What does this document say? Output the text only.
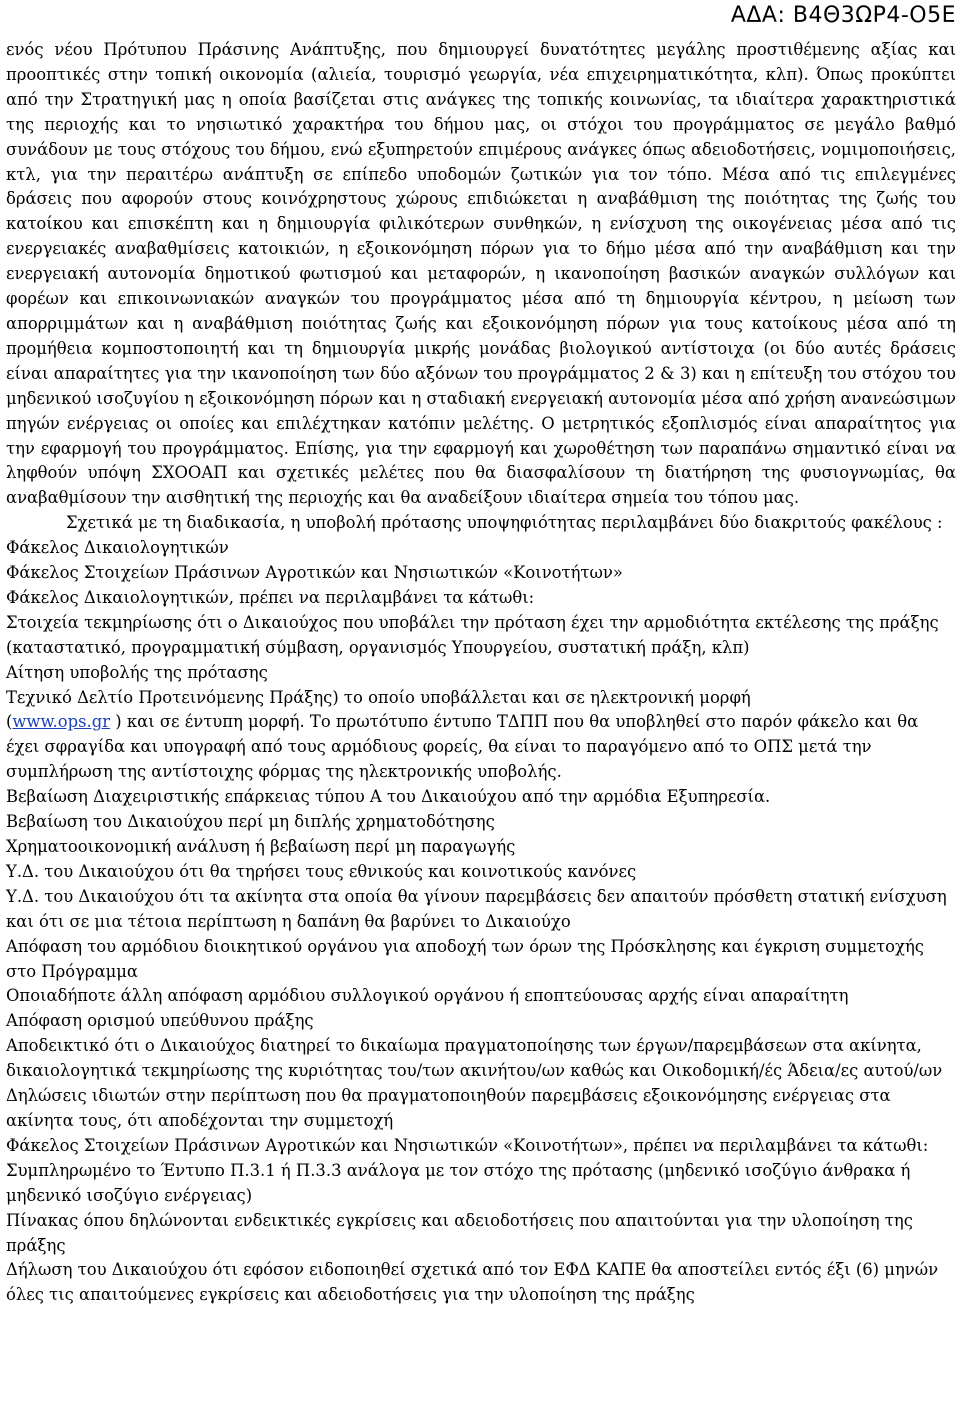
ΑΔΑ: Β4Θ3ΩΡ4-Ο5Ε

ενός νέου Πρότυπου Πράσινης Ανάπτυξης, που δημιουργεί δυνατότητες μεγάλης προστιθέμενης αξίας και προοπτικές στην τοπική οικονομία (αλιεία, τουρισμό γεωργία, νέα επιχειρηματικότητα, κλπ). Όπως προκύπτει από την Στρατηγική μας η οποία βασίζεται στις ανάγκες της τοπικής κοινωνίας, τα ιδιαίτερα χαρακτηριστικά της περιοχής και το νησιωτικό χαρακτήρα του δήμου μας, οι στόχοι του προγράμματος σε μεγάλο βαθμό συνάδουν με τους στόχους του δήμου, ενώ εξυπηρετούν επιμέρους ανάγκες όπως αδειοδοτήσεις, νομιμοποιήσεις, κτλ, για την περαιτέρω ανάπτυξη σε επίπεδο υποδομών ζωτικών για τον τόπο. Μέσα από τις επιλεγμένες δράσεις που αφορούν στους κοινόχρηστους χώρους επιδιώκεται η αναβάθμιση της ποιότητας της ζωής του κατοίκου και επισκέπτη και η δημιουργία φιλικότερων συνθηκών, η ενίσχυση της οικογένειας μέσα από τις ενεργειακές αναβαθμίσεις κατοικιών, η εξοικονόμηση πόρων για το δήμο μέσα από την αναβάθμιση και την ενεργειακή αυτονομία δημοτικού φωτισμού και μεταφορών, η ικανοποίηση βασικών αναγκών συλλόγων και φορέων και επικοινωνιακών αναγκών του προγράμματος μέσα από τη δημιουργία κέντρου, η μείωση των απορριμμάτων και η αναβάθμιση ποιότητας ζωής και εξοικονόμηση πόρων για τους κατοίκους μέσα από τη προμήθεια κομποστοποιητή και τη δημιουργία μικρής μονάδας βιολογικού αντίστοιχα (οι δύο αυτές δράσεις είναι απαραίτητες για την ικανοποίηση των δύο αξόνων του προγράμματος 2 & 3) και η επίτευξη του στόχου του μηδενικού ισοζυγίου η εξοικονόμηση πόρων και η σταδιακή ενεργειακή αυτονομία μέσα από χρήση ανανεώσιμων πηγών ενέργειας οι οποίες και επιλέχτηκαν κατόπιν μελέτης. Ο μετρητικός εξοπλισμός είναι απαραίτητος για την εφαρμογή του προγράμματος. Επίσης, για την εφαρμογή και χωροθέτηση των παραπάνω σημαντικό είναι να ληφθούν υπόψη ΣΧΟΟΑΠ και σχετικές μελέτες που θα διασφαλίσουν τη διατήρηση της φυσιογνωμίας, θα αναβαθμίσουν την αισθητική της περιοχής και θα αναδείξουν ιδιαίτερα σημεία του τόπου μας.

Σχετικά με τη διαδικασία, η υποβολή πρότασης υποψηφιότητας περιλαμβάνει δύο διακριτούς φακέλους :

Φάκελος Δικαιολογητικών

Φάκελος Στοιχείων Πράσινων Αγροτικών και Νησιωτικών «Κοινοτήτων»

Φάκελος Δικαιολογητικών, πρέπει να περιλαμβάνει τα κάτωθι:

Στοιχεία τεκμηρίωσης ότι ο Δικαιούχος που υποβάλει την πρόταση έχει την αρμοδιότητα εκτέλεσης της πράξης (καταστατικό, προγραμματική σύμβαση, οργανισμός Υπουργείου, συστατική πράξη, κλπ)

Αίτηση υποβολής της πρότασης

Τεχνικό Δελτίο Προτεινόμενης Πράξης) το οποίο υποβάλλεται και σε ηλεκτρονική μορφή

(www.ops.gr ) και σε έντυπη μορφή. Το πρωτότυπο έντυπο ΤΔΠΠ που θα υποβληθεί στο παρόν φάκελο και θα έχει σφραγίδα και υπογραφή από τους αρμόδιους φορείς, θα είναι το παραγόμενο από το ΟΠΣ μετά την συμπλήρωση της αντίστοιχης φόρμας της ηλεκτρονικής υποβολής.

Βεβαίωση Διαχειριστικής επάρκειας τύπου Α του Δικαιούχου από την αρμόδια Εξυπηρεσία.

Βεβαίωση του Δικαιούχου περί μη διπλής χρηματοδότησης

Χρηματοοικονομική ανάλυση ή βεβαίωση περί μη παραγωγής

Υ.Δ. του Δικαιούχου ότι θα τηρήσει τους εθνικούς και κοινοτικούς κανόνες

Υ.Δ. του Δικαιούχου ότι τα ακίνητα στα οποία θα γίνουν παρεμβάσεις δεν απαιτούν πρόσθετη στατική ενίσχυση και ότι σε μια τέτοια περίπτωση η δαπάνη θα βαρύνει το Δικαιούχο

Απόφαση του αρμόδιου διοικητικού οργάνου για αποδοχή των όρων της Πρόσκλησης και έγκριση συμμετοχής στο Πρόγραμμα

Οποιαδήποτε άλλη απόφαση αρμόδιου συλλογικού οργάνου ή εποπτεύουσας αρχής είναι απαραίτητη

Απόφαση ορισμού υπεύθυνου πράξης

Αποδεικτικό ότι ο Δικαιούχος διατηρεί το δικαίωμα πραγματοποίησης των έργων/παρεμβάσεων στα ακίνητα, δικαιολογητικά τεκμηρίωσης της κυριότητας του/των ακινήτου/ων καθώς και Οικοδομική/ές Άδεια/ες αυτού/ων

Δηλώσεις ιδιωτών στην περίπτωση που θα πραγματοποιηθούν παρεμβάσεις εξοικονόμησης ενέργειας στα ακίνητα τους, ότι αποδέχονται την συμμετοχή

Φάκελος Στοιχείων Πράσινων Αγροτικών και Νησιωτικών «Κοινοτήτων», πρέπει να περιλαμβάνει τα κάτωθι:

Συμπληρωμένο το Έντυπο Π.3.1 ή Π.3.3 ανάλογα με τον στόχο της πρότασης (μηδενικό ισοζύγιο άνθρακα ή μηδενικό ισοζύγιο ενέργειας)

Πίνακας όπου δηλώνονται ενδεικτικές εγκρίσεις και αδειοδοτήσεις που απαιτούνται για την υλοποίηση της πράξης

Δήλωση του Δικαιούχου ότι εφόσον ειδοποιηθεί σχετικά από τον ΕΦΔ ΚΑΠΕ θα αποστείλει εντός έξι (6) μηνών όλες τις απαιτούμενες εγκρίσεις και αδειοδοτήσεις για την υλοποίηση της πράξης
